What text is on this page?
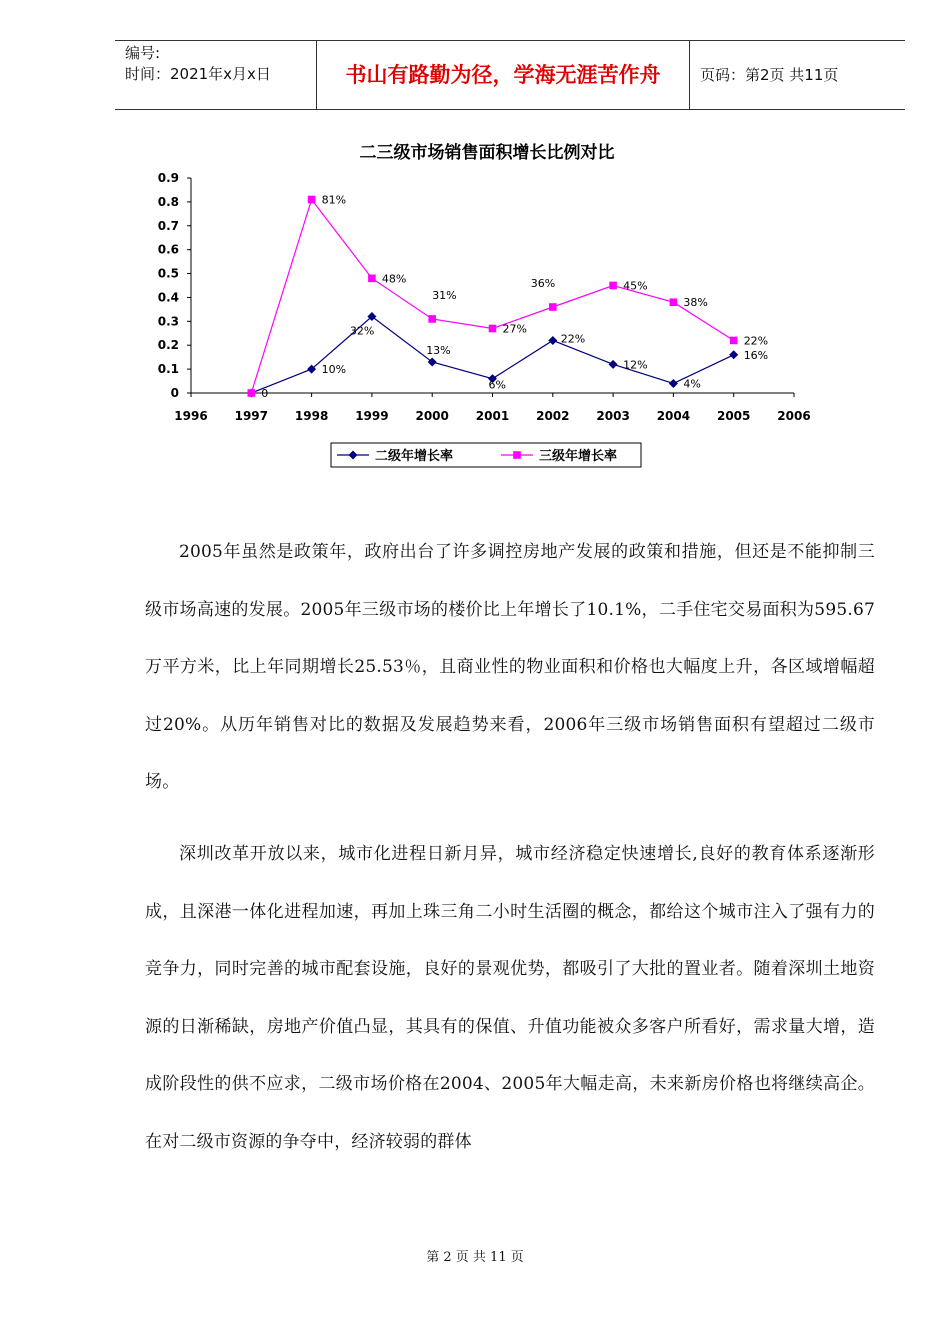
编号:
时间：2021年x月x日	书山有路勤为径，学海无涯苦作舟	页码：第2页 共11页
二三级市场销售面积增长比例对比
0
0.1
0.2
0.3
0.4
0.5
0.6
0.7
0.8
0.9
1996 1997 1998 1999 2000 2001 2002 2003 2004 2005 2006
10%
32%
13%
6%
22%
12%
4%
16%
0
81%
48%
31%
27%
36%	45%
38%
22%
二级年增长率	三级年增长率

2005年虽然是政策年，政府出台了许多调控房地产发展的政策和措施，但还是不能抑制三级市场高速的发展。2005年三级市场的楼价比上年增长了10.1%，二手住宅交易面积为595.67万平方米，比上年同期增长25.53％，且商业性的物业面积和价格也大幅度上升，各区域增幅超过20%。从历年销售对比的数据及发展趋势来看，2006年三级市场销售面积有望超过二级市场。

深圳改革开放以来，城市化进程日新月异，城市经济稳定快速增长,良好的教育体系逐渐形成，且深港一体化进程加速，再加上珠三角二小时生活圈的概念，都给这个城市注入了强有力的竞争力，同时完善的城市配套设施，良好的景观优势，都吸引了大批的置业者。随着深圳土地资源的日渐稀缺，房地产价值凸显，其具有的保值、升值功能被众多客户所看好，需求量大增，造成阶段性的供不应求，二级市场价格在2004、2005年大幅走高，未来新房价格也将继续高企。在对二级市资源的争夺中，经济较弱的群体

第 2 页 共 11 页
